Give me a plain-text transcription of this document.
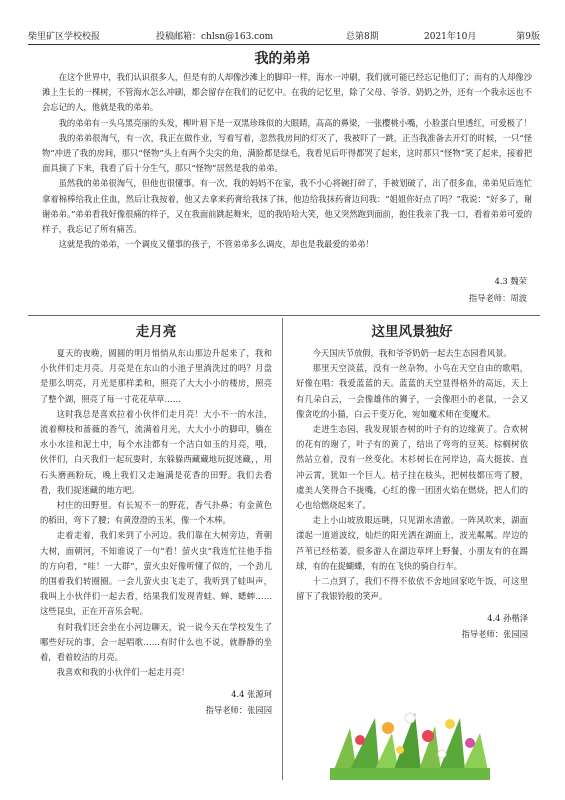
柴里矿区学校校报	投稿邮箱：chlsn@163.com	总第8期	2021年10月	第9版
我的弟弟

在这个世界中，我们认识很多人，但是有的人却像沙滩上的脚印一样，海水一冲刷，我们就可能已经忘记他们了；而有的人却像沙滩上生长的一棵树，不管海水怎么冲刷，都会留存在我们的记忆中。在我的记忆里，除了父母、爷爷、奶奶之外，还有一个我永远也不会忘记的人，他就是我的弟弟。

我的弟弟有一头乌黑亮丽的头发，柳叶眉下是一双黑珍珠似的大眼睛，高高的鼻梁，一张樱桃小嘴，小脸蛋白里透红，可爱极了！

我的弟弟很淘气，有一次，我正在做作业，写着写着，忽然我房间的灯灭了，我被吓了一跳，正当我准备去开灯的时候，一只“怪物”冲进了我的房间，那只“怪物”头上有两个尖尖的角，满脸都是绿毛，我看见后吓得都哭了起来，这时那只“怪物”笑了起来，接着把面具摘了下来，我看了后十分生气，那只“怪物”居然是我的弟弟。

虽然我的弟弟很淘气，但他也很懂事。有一次，我的妈妈不在家，我不小心将碗打碎了，手被划破了，出了很多血，弟弟见后连忙拿着棉棒给我止住血，然后让我按着，他又去拿来药膏给我抹了抹，他边给我抹药膏边问我：“姐姐你好点了吗？”我说：“好多了，谢谢弟弟。”弟弟看我好像很痛的样子，又在我面前跳起舞来，逗的我哈哈大笑，他又突然跑到面前，抱住我亲了我一口，看着弟弟可爱的样子，我忘记了所有痛苦。

这就是我的弟弟，一个调皮又懂事的孩子，不管弟弟多么调皮，却也是我最爱的弟弟！

4.3 魏荣
指导老师：周波
走月亮

夏天的夜晚，圆圆的明月悄悄从东山那边升起来了，我和小伙伴们走月亮。月亮是在东山的小池子里淌洗过的吗？月盘是那么明亮，月光是那样柔和，照亮了大大小小的楼房，照亮了整个湖，照亮了每一寸花花草草……

这时我总是喜欢拉着小伙伴们走月亮！大小不一的水洼，流着柳枝和蔷薇的香气，流满着月光，大大小小的脚印，躺在水小水洼和泥土中，每个水洼都有一个洁白如玉的月亮，哦，伙伴们，白天我们一起玩耍时，东躲躲西藏藏地玩捉迷藏，，用石头磨画粉玩，晚上我们又走遍满是花香的田野。我们去看看，我们捉迷藏的地方吧。

村庄的田野里。有长短不一的野花，香气扑鼻；有金黄色的稻田，弯下了腰；有黄澄澄的玉米，像一个木棒。

走着走着，我们来到了小河边。我们靠在大树旁边，背朝大树，面朝河，不知谁说了一句“看！萤火虫”我连忙往他手指的方向看，“哇！一大群”，萤火虫好像听懂了似的，一个劲儿的围着我们转圈圈。一会儿萤火虫飞走了，我听到了蛙叫声，我叫上小伙伴们一起去看，结果我们发现青蛙、蝉、蟋蟀……这些昆虫，正在开音乐会呢。

有时我们还会坐在小河边聊天，说一说今天在学校发生了哪些好玩的事，会一起唱歌……有时什么也不说，就静静的坐着，看着皎洁的月亮。

我喜欢和我的小伙伴们一起走月亮！

4.4 张源珂
指导老师：张园园
这里风景独好

今天国庆节放假，我和爷爷奶奶一起去生态园看风景。

那里天空淡蓝，没有一丝杂物，小鸟在天空自由的歌唱，好像在唱：我爱蓝蓝的天。蓝蓝的天空显得格外的高远，天上有几朵白云，一会像雄伟的狮子，一会像胆小的老鼠，一会又像贪吃的小猫，白云千变万化，宛如魔术师在变魔术。

走进生态园，我发现银杏树的叶子有的边缘黄了。合欢树的花有的谢了，叶子有的黄了，结出了弯弯的豆荚。棕榈树依然站立着，没有一丝变化。木杉树长在河岸边，高大挺拔、直冲云霄，犹如一个巨人。桔子挂在枝头，把树枝都压弯了腰，虞美人笑得合不拢嘴，心红的像一团团火焰在燃烧，把人们的心也给燃烧起来了。

走上小山坡放眼远眺，只见湖水清澈。一阵风吹来，湖面漾起一道道波纹，灿烂的阳光洒在湖面上，波光粼粼。岸边的芦苇已经枯萎，很多游人在湖边草坪上野餐，小朋友有的在踢球，有的在捉蝴蝶，有的在飞快的骑自行车。

十二点到了，我们不得不依依不舍地回家吃午饭，可这里留下了我银铃般的笑声。

4.4 孙楷泽
指导老师：张园园
